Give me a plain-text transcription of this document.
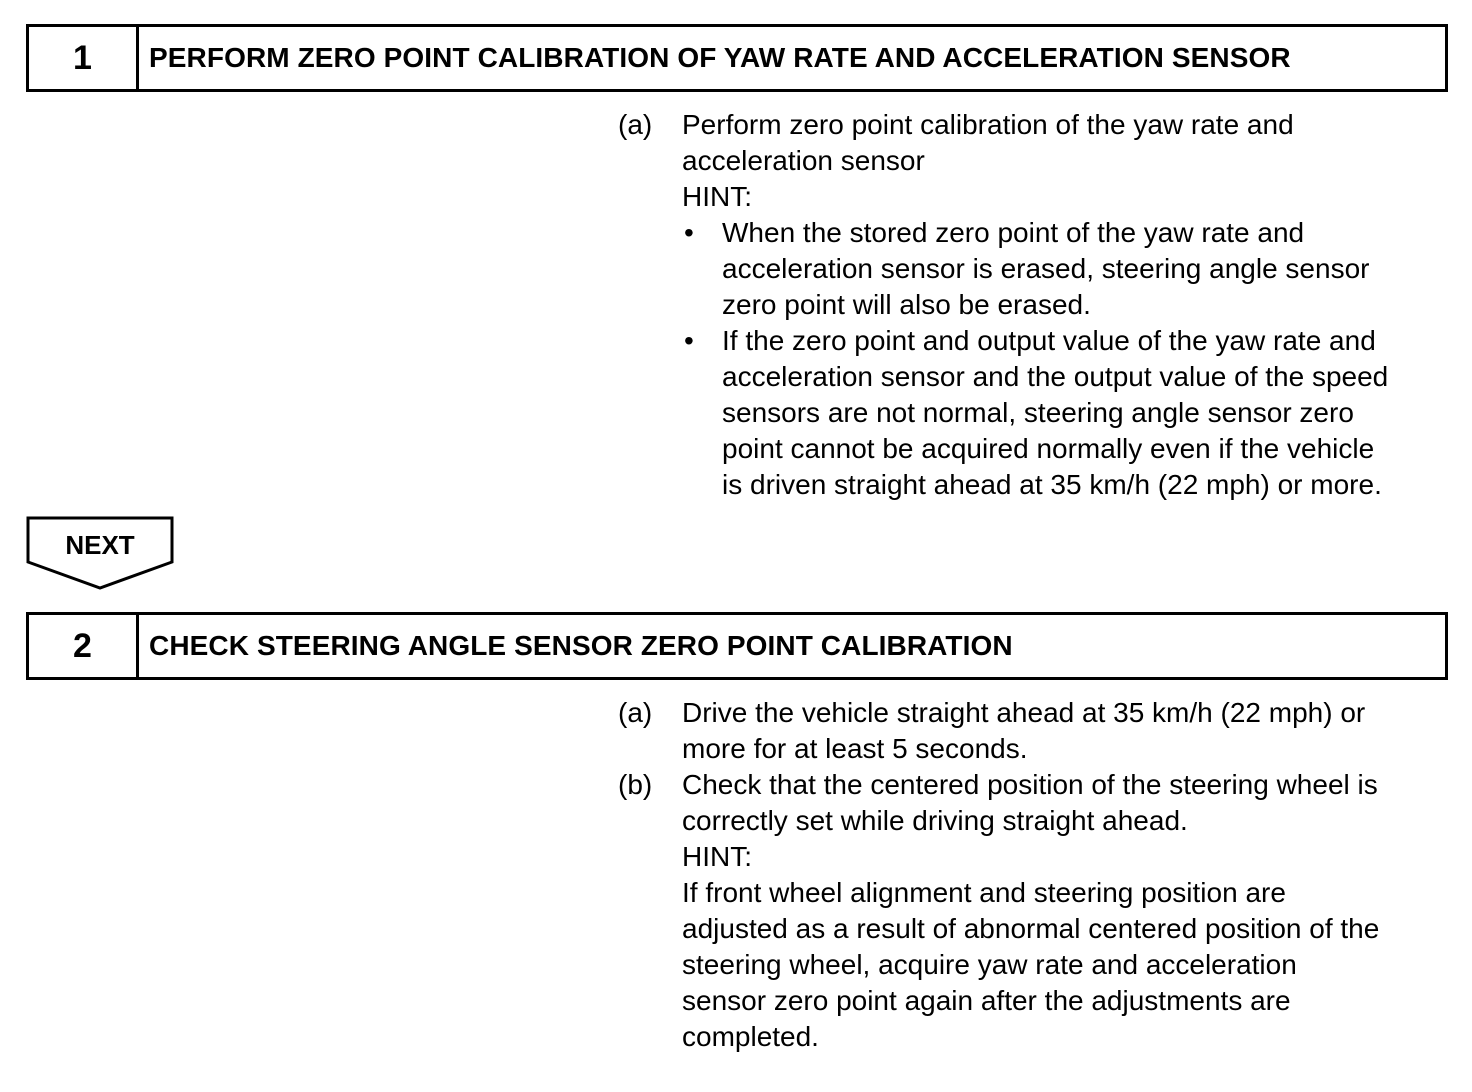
1	PERFORM ZERO POINT CALIBRATION OF YAW RATE AND ACCELERATION SENSOR
(a)	Perform zero point calibration of the yaw rate and
acceleration sensor
HINT:
•	When the stored zero point of the yaw rate and
acceleration sensor is erased, steering angle sensor
zero point will also be erased.
•	If the zero point and output value of the yaw rate and
acceleration sensor and the output value of the speed
sensors are not normal, steering angle sensor zero
point cannot be acquired normally even if the vehicle
is driven straight ahead at 35 km/h (22 mph) or more.
NEXT
2	CHECK STEERING ANGLE SENSOR ZERO POINT CALIBRATION
(a)	Drive the vehicle straight ahead at 35 km/h (22 mph) or
more for at least 5 seconds.
(b)	Check that the centered position of the steering wheel is
correctly set while driving straight ahead.
HINT:
If front wheel alignment and steering position are
adjusted as a result of abnormal centered position of the
steering wheel, acquire yaw rate and acceleration
sensor zero point again after the adjustments are
completed.
